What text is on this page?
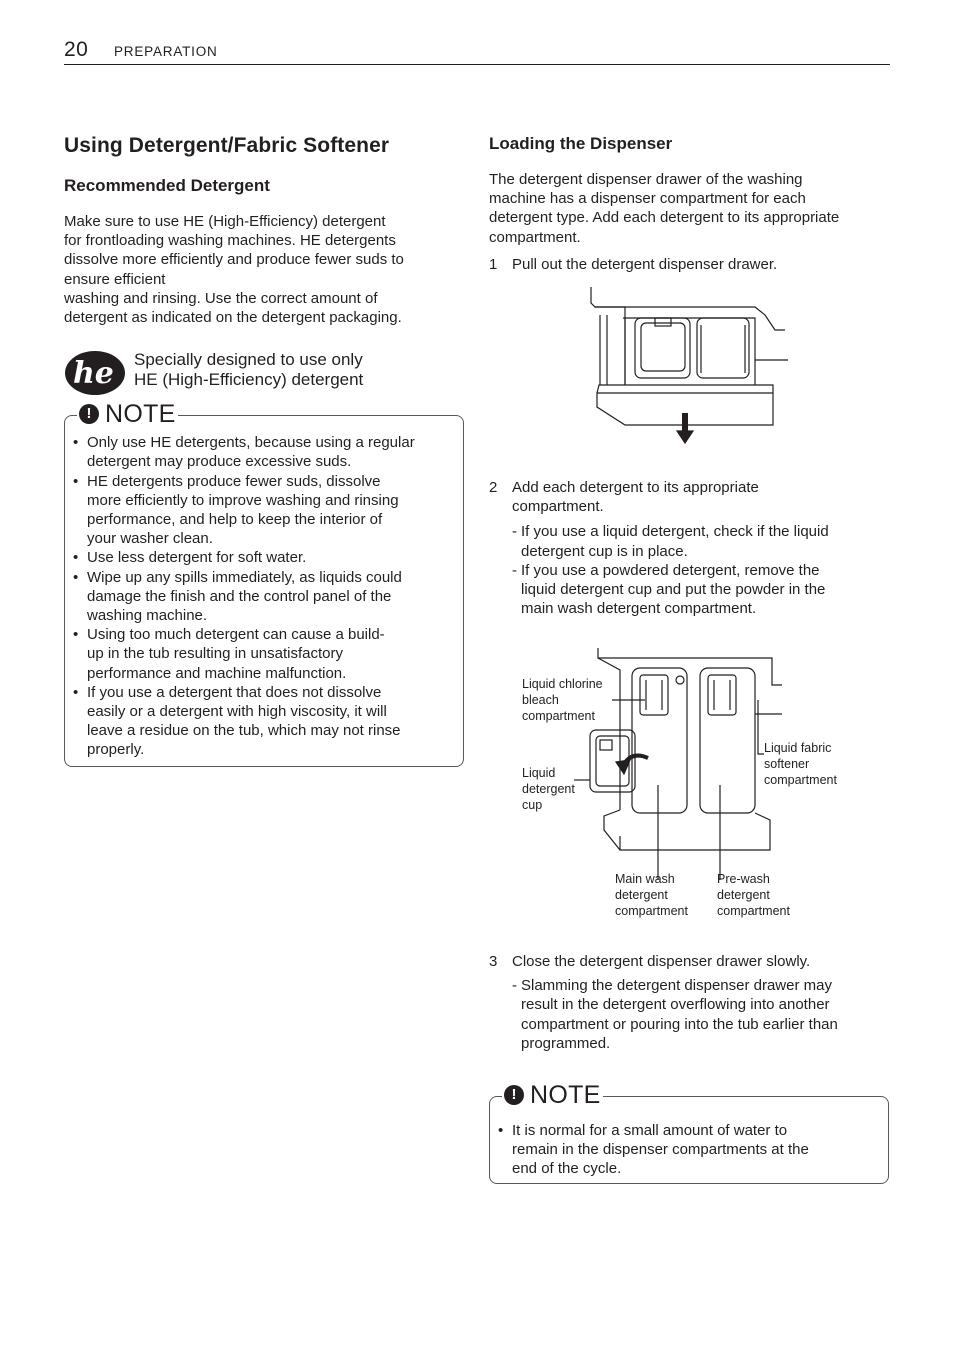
20 PREPARATION
Using Detergent/Fabric Softener
Recommended Detergent

Make sure to use HE (High-Efficiency) detergent
for frontloading washing machines. HE detergents
dissolve more efficiently and produce fewer suds to
ensure efficient
washing and rinsing. Use the correct amount of
detergent as indicated on the detergent packaging.

he Specially designed to use only
HE (High-Efficiency) detergent
! NOTE
• Only use HE detergents, because using a regular
detergent may produce excessive suds.
• HE detergents produce fewer suds, dissolve
more efficiently to improve washing and rinsing
performance, and help to keep the interior of
your washer clean.
• Use less detergent for soft water.
• Wipe up any spills immediately, as liquids could
damage the finish and the control panel of the
washing machine.
• Using too much detergent can cause a build-
up in the tub resulting in unsatisfactory
performance and machine malfunction.
• If you use a detergent that does not dissolve
easily or a detergent with high viscosity, it will
leave a residue on the tub, which may not rinse
properly.
Loading the Dispenser

The detergent dispenser drawer of the washing
machine has a dispenser compartment for each
detergent type. Add each detergent to its appropriate
compartment.

1 Pull out the detergent dispenser drawer.
2 Add each detergent to its appropriate
compartment.
- If you use a liquid detergent, check if the liquid
detergent cup is in place.
- If you use a powdered detergent, remove the
liquid detergent cup and put the powder in the
main wash detergent compartment.
Liquid chlorine
bleach
compartment
Liquid
detergent
cup
Liquid fabric
softener
compartment
Main wash
detergent
compartment
Pre-wash
detergent
compartment
3 Close the detergent dispenser drawer slowly.
- Slamming the detergent dispenser drawer may
result in the detergent overflowing into another
compartment or pouring into the tub earlier than
programmed.
! NOTE
• It is normal for a small amount of water to
remain in the dispenser compartments at the
end of the cycle.
